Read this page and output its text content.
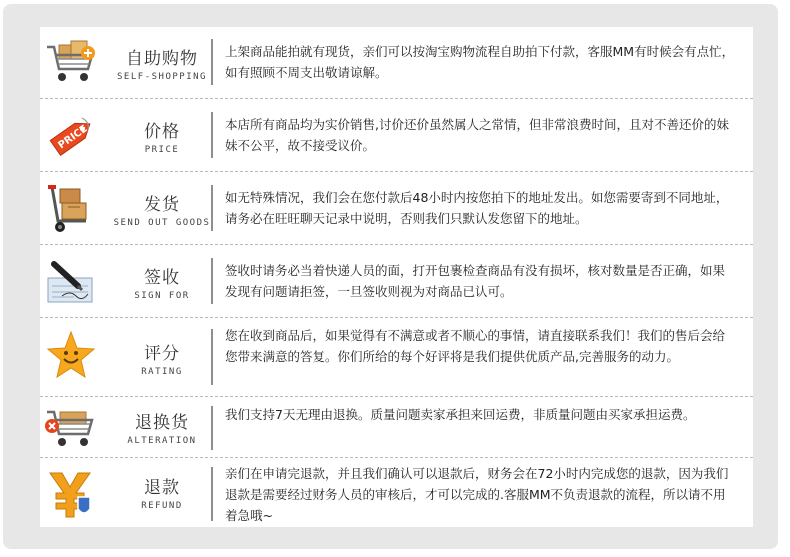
自助购物
SELF-SHOPPING
上架商品能拍就有现货，亲们可以按淘宝购物流程自助拍下付款，客服MM有时候会有点忙，如有照顾不周支出敬请谅解。
PRICE	价格
PRICE
本店所有商品均为实价销售,讨价还价虽然属人之常情，但非常浪费时间，且对不善还价的妹妹不公平，故不接受议价。
发货
SEND OUT GOODS
如无特殊情况，我们会在您付款后48小时内按您拍下的地址发出。如您需要寄到不同地址，请务必在旺旺聊天记录中说明，否则我们只默认发您留下的地址。
签收
SIGN FOR
签收时请务必当着快递人员的面，打开包裹检查商品有没有损坏，核对数量是否正确，如果发现有问题请拒签，一旦签收则视为对商品已认可。
评分
RATING
您在收到商品后，如果觉得有不满意或者不顺心的事情，请直接联系我们！我们的售后会给您带来满意的答复。你们所给的每个好评将是我们提供优质产品,完善服务的动力。
退换货
ALTERATION
我们支持7天无理由退换。质量问题卖家承担来回运费，非质量问题由买家承担运费。
退款
REFUND
亲们在申请完退款，并且我们确认可以退款后，财务会在72小时内完成您的退款，因为我们退款是需要经过财务人员的审核后，才可以完成的.客服MM不负责退款的流程，所以请不用着急哦~
